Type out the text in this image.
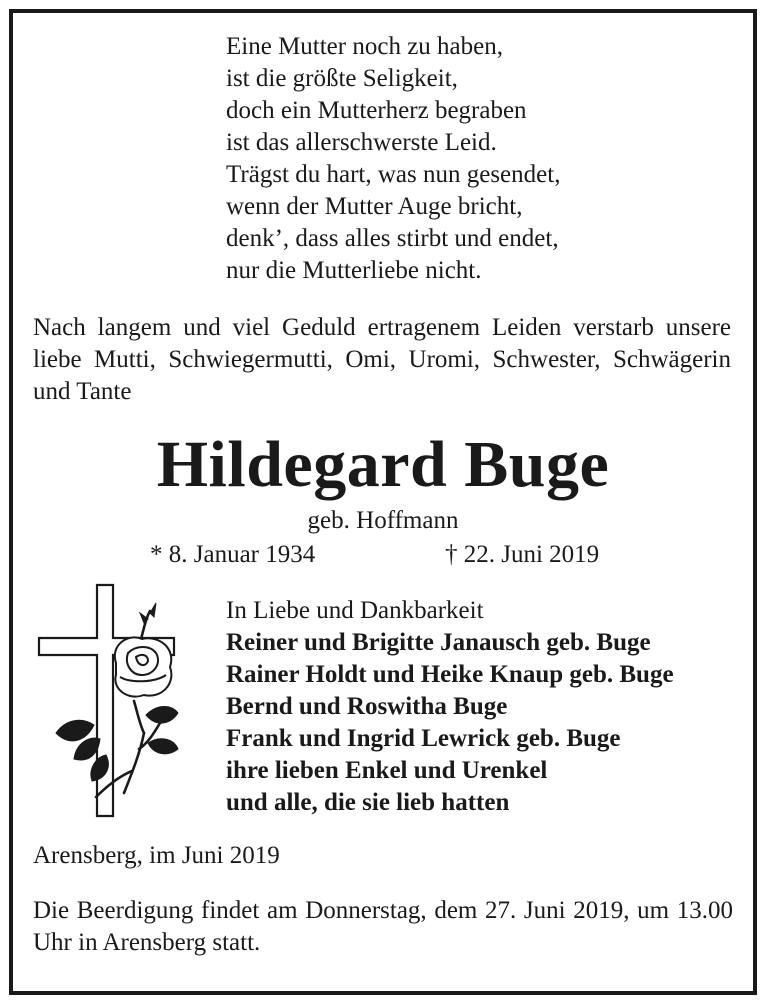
Eine Mutter noch zu haben,
ist die größte Seligkeit,
doch ein Mutterherz begraben
ist das allerschwerste Leid.
Trägst du hart, was nun gesendet,
wenn der Mutter Auge bricht,
denk’, dass alles stirbt und endet,
nur die Mutterliebe nicht.
Nach langem und viel Geduld ertragenem Leiden verstarb unsere liebe Mutti, Schwiegermutti, Omi, Uromi, Schwester, Schwägerin und Tante
Hildegard Buge
geb. Hoffmann
* 8. Januar 1934	† 22. Juni 2019
In Liebe und Dankbarkeit
Reiner und Brigitte Janausch geb. Buge
Rainer Holdt und Heike Knaup geb. Buge
Bernd und Roswitha Buge
Frank und Ingrid Lewrick geb. Buge
ihre lieben Enkel und Urenkel
und alle, die sie lieb hatten
Arensberg, im Juni 2019
Die Beerdigung findet am Donnerstag, dem 27. Juni 2019, um 13.00 Uhr in Arensberg statt.
